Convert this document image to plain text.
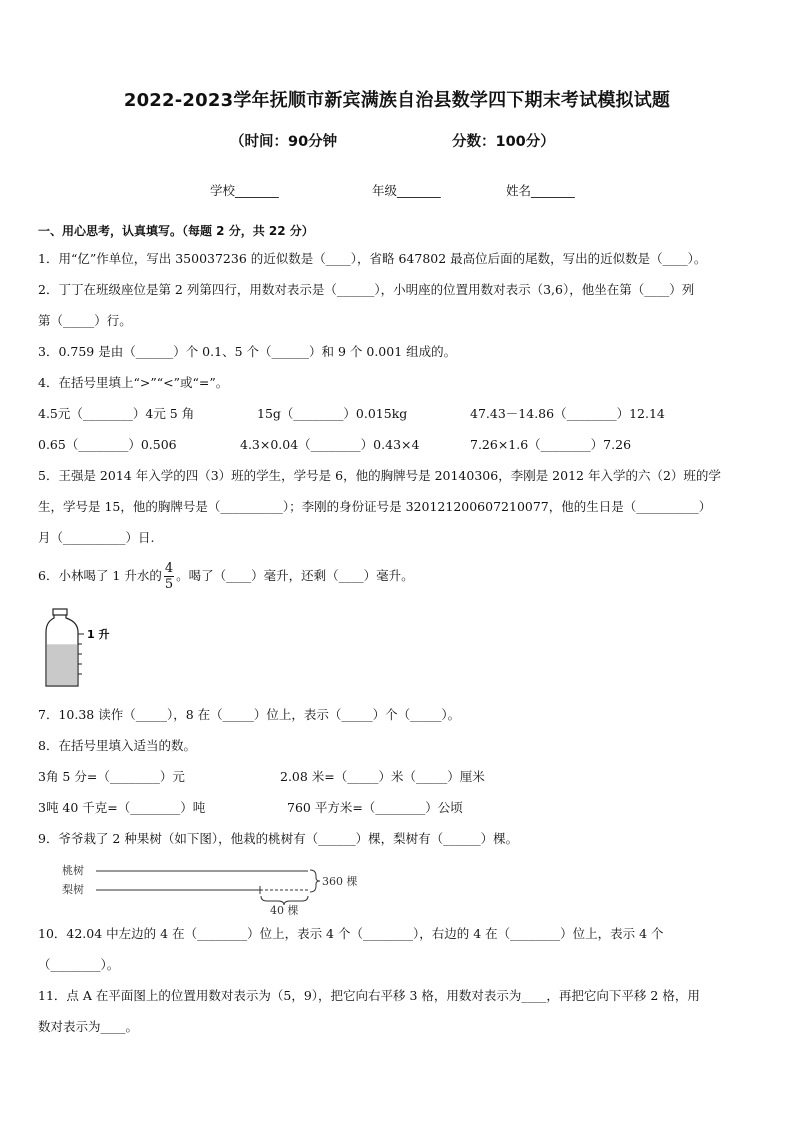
2022-2023学年抚顺市新宾满族自治县数学四下期末考试模拟试题
（时间：90分钟	分数：100分）
学校_______	年级_______	姓名_______
一、用心思考，认真填写。（每题 2 分，共 22 分）
1．用“亿”作单位，写出 350037236 的近似数是（____），省略 647802 最高位后面的尾数，写出的近似数是（____）。
2．丁丁在班级座位是第 2 列第四行，用数对表示是（______），小明座的位置用数对表示（3,6），他坐在第（____）列
第（_____）行。
3．0.759 是由（______）个 0.1、5 个（______）和 9 个 0.001 组成的。
4．在括号里填上“>”“<”或“=”。
4.5元（________）4元 5 角	15g（________）0.015kg	47.43－14.86（________）12.14
0.65（________）0.506	4.3×0.04（________）0.43×4	7.26×1.6（________）7.26
5．王强是 2014 年入学的四（3）班的学生，学号是 6，他的胸牌号是 20140306，李刚是 2012 年入学的六（2）班的学
生，学号是 15，他的胸牌号是（__________）；李刚的身份证号是 320121200607210077，他的生日是（__________）
月（__________）日.
6．小林喝了 1 升水的 $\frac{4}{5}$ 。喝了（____）毫升，还剩（____）毫升。
1 升
7．10.38 读作（_____），8 在（_____）位上，表示（_____）个（_____）。
8．在括号里填入适当的数。
3角 5 分=（________）元	2.08 米=（_____）米（_____）厘米
3吨 40 千克=（________）吨	760 平方米=（________）公顷
9．爷爷栽了 2 种果树（如下图），他栽的桃树有（______）棵，梨树有（______）棵。
桃树
梨树
360 棵
40 棵
10．42.04 中左边的 4 在（________）位上，表示 4 个（________），右边的 4 在（________）位上，表示 4 个
（________）。
11．点 A 在平面图上的位置用数对表示为（5，9），把它向右平移 3 格，用数对表示为____，再把它向下平移 2 格，用
数对表示为____。
